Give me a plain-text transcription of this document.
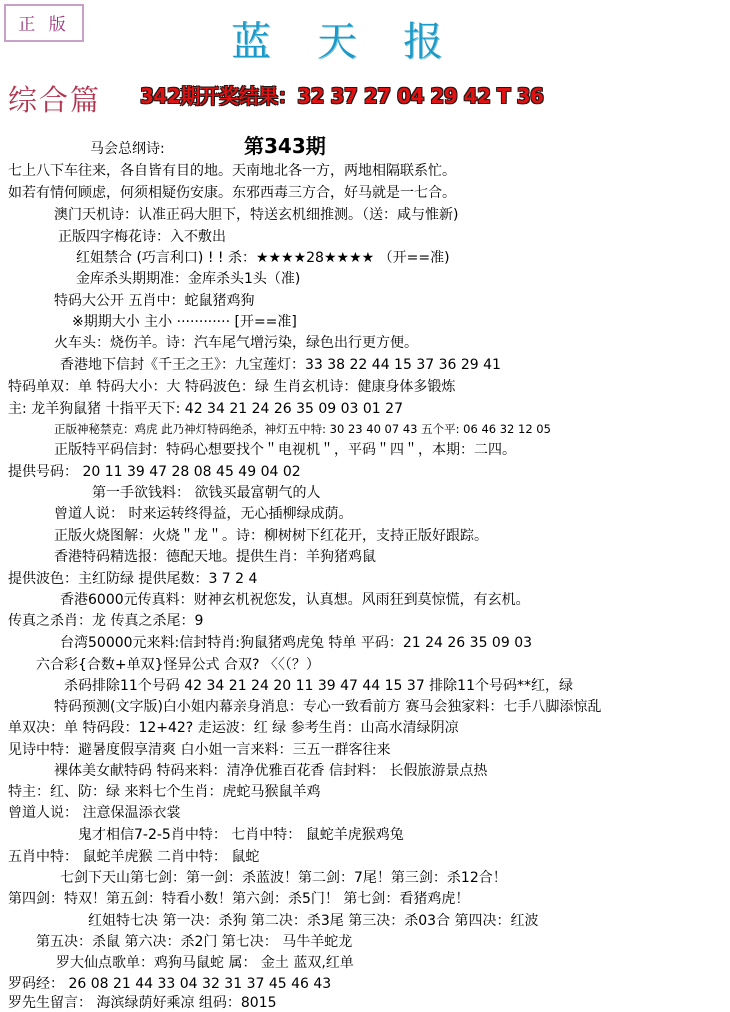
正 版	蓝天报
综合篇 342期开奖结果：32 37 27 04 29 42 T 36
第343期
马会总纲诗:
七上八下车往来，各自皆有目的地。天南地北各一方，两地相隔联系忙。
如若有情何顾虑，何须相疑伤安康。东邪西毒三方合，好马就是一七合。
澳门天机诗：认准正码大胆下，特送玄机细推测。（送：咸与惟新)
正版四字梅花诗：入不敷出
红姐禁合 (巧言利口) ! ! 杀：★★★★28★★★★ （开==准)
金库杀头期期准：金库杀头1头（准)
特码大公开 五肖中：蛇鼠猪鸡狗
※期期大小 主小 ············ [开==准]
火车头：烧伤羊。诗：汽车尾气增污染，绿色出行更方便。
香港地下信封《千王之王》：九宝莲灯：33 38 22 44 15 37 36 29 41
特码单双：单 特码大小：大 特码波色：绿 生肖玄机诗：健康身体多锻炼
主: 龙羊狗鼠猪 十指平天下: 42 34 21 24 26 35 09 03 01 27
正版神秘禁克：鸡虎 此乃神灯特码绝杀，神灯五中特: 30 23 40 07 43 五个平: 06 46 32 12 05
正版特平码信封：特码心想要找个＂电视机＂，平码＂四＂，本期：二四。
提供号码： 20 11 39 47 28 08 45 49 04 02
第一手欲钱料： 欲钱买最富朝气的人
曾道人说： 时来运转终得益，无心插柳绿成荫。
正版火烧图解：火烧＂龙＂。诗：柳树树下红花开，支持正版好跟踪。
香港特码精选报：德配天地。提供生肖：羊狗猪鸡鼠
提供波色：主红防绿 提供尾数：3 7 2 4
香港6000元传真料：财神玄机祝您发，认真想。风雨狂到莫惊慌，有玄机。
传真之杀肖：龙 传真之杀尾：9
台湾50000元来料:信封特肖:狗鼠猪鸡虎兔 特单 平码：21 24 26 35 09 03
六合彩{合数+单双}怪异公式 合双? 〈〈（？）
杀码排除11个号码 42 34 21 24 20 11 39 47 44 15 37 排除11个号码**红，绿
特码预测(文字版)白小姐内幕亲身消息：专心一致看前方 赛马会独家料：七手八脚添惊乱
单双决：单 特码段：12+42? 走运波：红 绿 参考生肖：山高水清绿阴凉
见诗中特：避暑度假享清爽 白小姐一言来料：三五一群客往来
裸体美女献特码 特码来料：清净优雅百花香 信封料： 长假旅游景点热
特主：红、防：绿 来料七个生肖：虎蛇马猴鼠羊鸡
曾道人说： 注意保温添衣裳
鬼才相信7-2-5肖中特： 七肖中特： 鼠蛇羊虎猴鸡兔
五肖中特： 鼠蛇羊虎猴 二肖中特： 鼠蛇
七剑下天山第七剑：第一剑：杀蓝波！第二剑：7尾！第三剑：杀12合！
第四剑：特双！第五剑：特看小数！第六剑：杀5门！ 第七剑：看猪鸡虎！
红姐特七决 第一决：杀狗 第二决：杀3尾 第三决：杀03合 第四决：红波
第五决：杀鼠 第六决：杀2门 第七决： 马牛羊蛇龙
罗大仙点歌单：鸡狗马鼠蛇 属： 金土 蓝双,红单
罗码经： 26 08 21 44 33 04 32 31 37 45 46 43
罗先生留言： 海滨绿荫好乘凉 组码：8015
